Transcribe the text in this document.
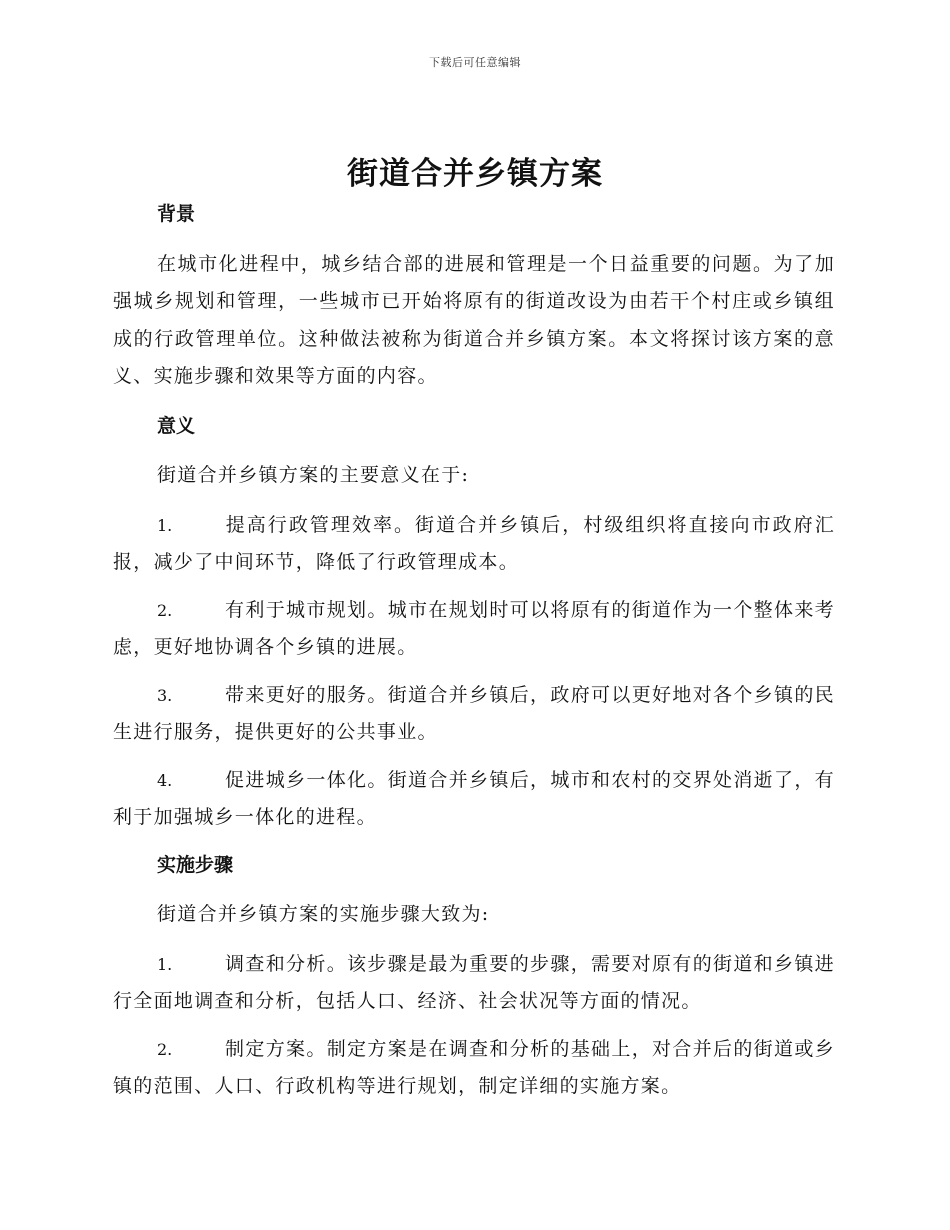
下载后可任意编辑
街道合并乡镇方案

背景

在城市化进程中，城乡结合部的进展和管理是一个日益重要的问题。为了加强城乡规划和管理，一些城市已开始将原有的街道改设为由若干个村庄或乡镇组成的行政管理单位。这种做法被称为街道合并乡镇方案。本文将探讨该方案的意义、实施步骤和效果等方面的内容。

意义

街道合并乡镇方案的主要意义在于:

1.	提高行政管理效率。街道合并乡镇后，村级组织将直接向市政府汇报，减少了中间环节，降低了行政管理成本。

2.	有利于城市规划。城市在规划时可以将原有的街道作为一个整体来考虑，更好地协调各个乡镇的进展。

3.	带来更好的服务。街道合并乡镇后，政府可以更好地对各个乡镇的民生进行服务，提供更好的公共事业。

4.	促进城乡一体化。街道合并乡镇后，城市和农村的交界处消逝了，有利于加强城乡一体化的进程。

实施步骤

街道合并乡镇方案的实施步骤大致为:

1.	调查和分析。该步骤是最为重要的步骤，需要对原有的街道和乡镇进行全面地调查和分析，包括人口、经济、社会状况等方面的情况。

2.	制定方案。制定方案是在调查和分析的基础上，对合并后的街道或乡镇的范围、人口、行政机构等进行规划，制定详细的实施方案。
